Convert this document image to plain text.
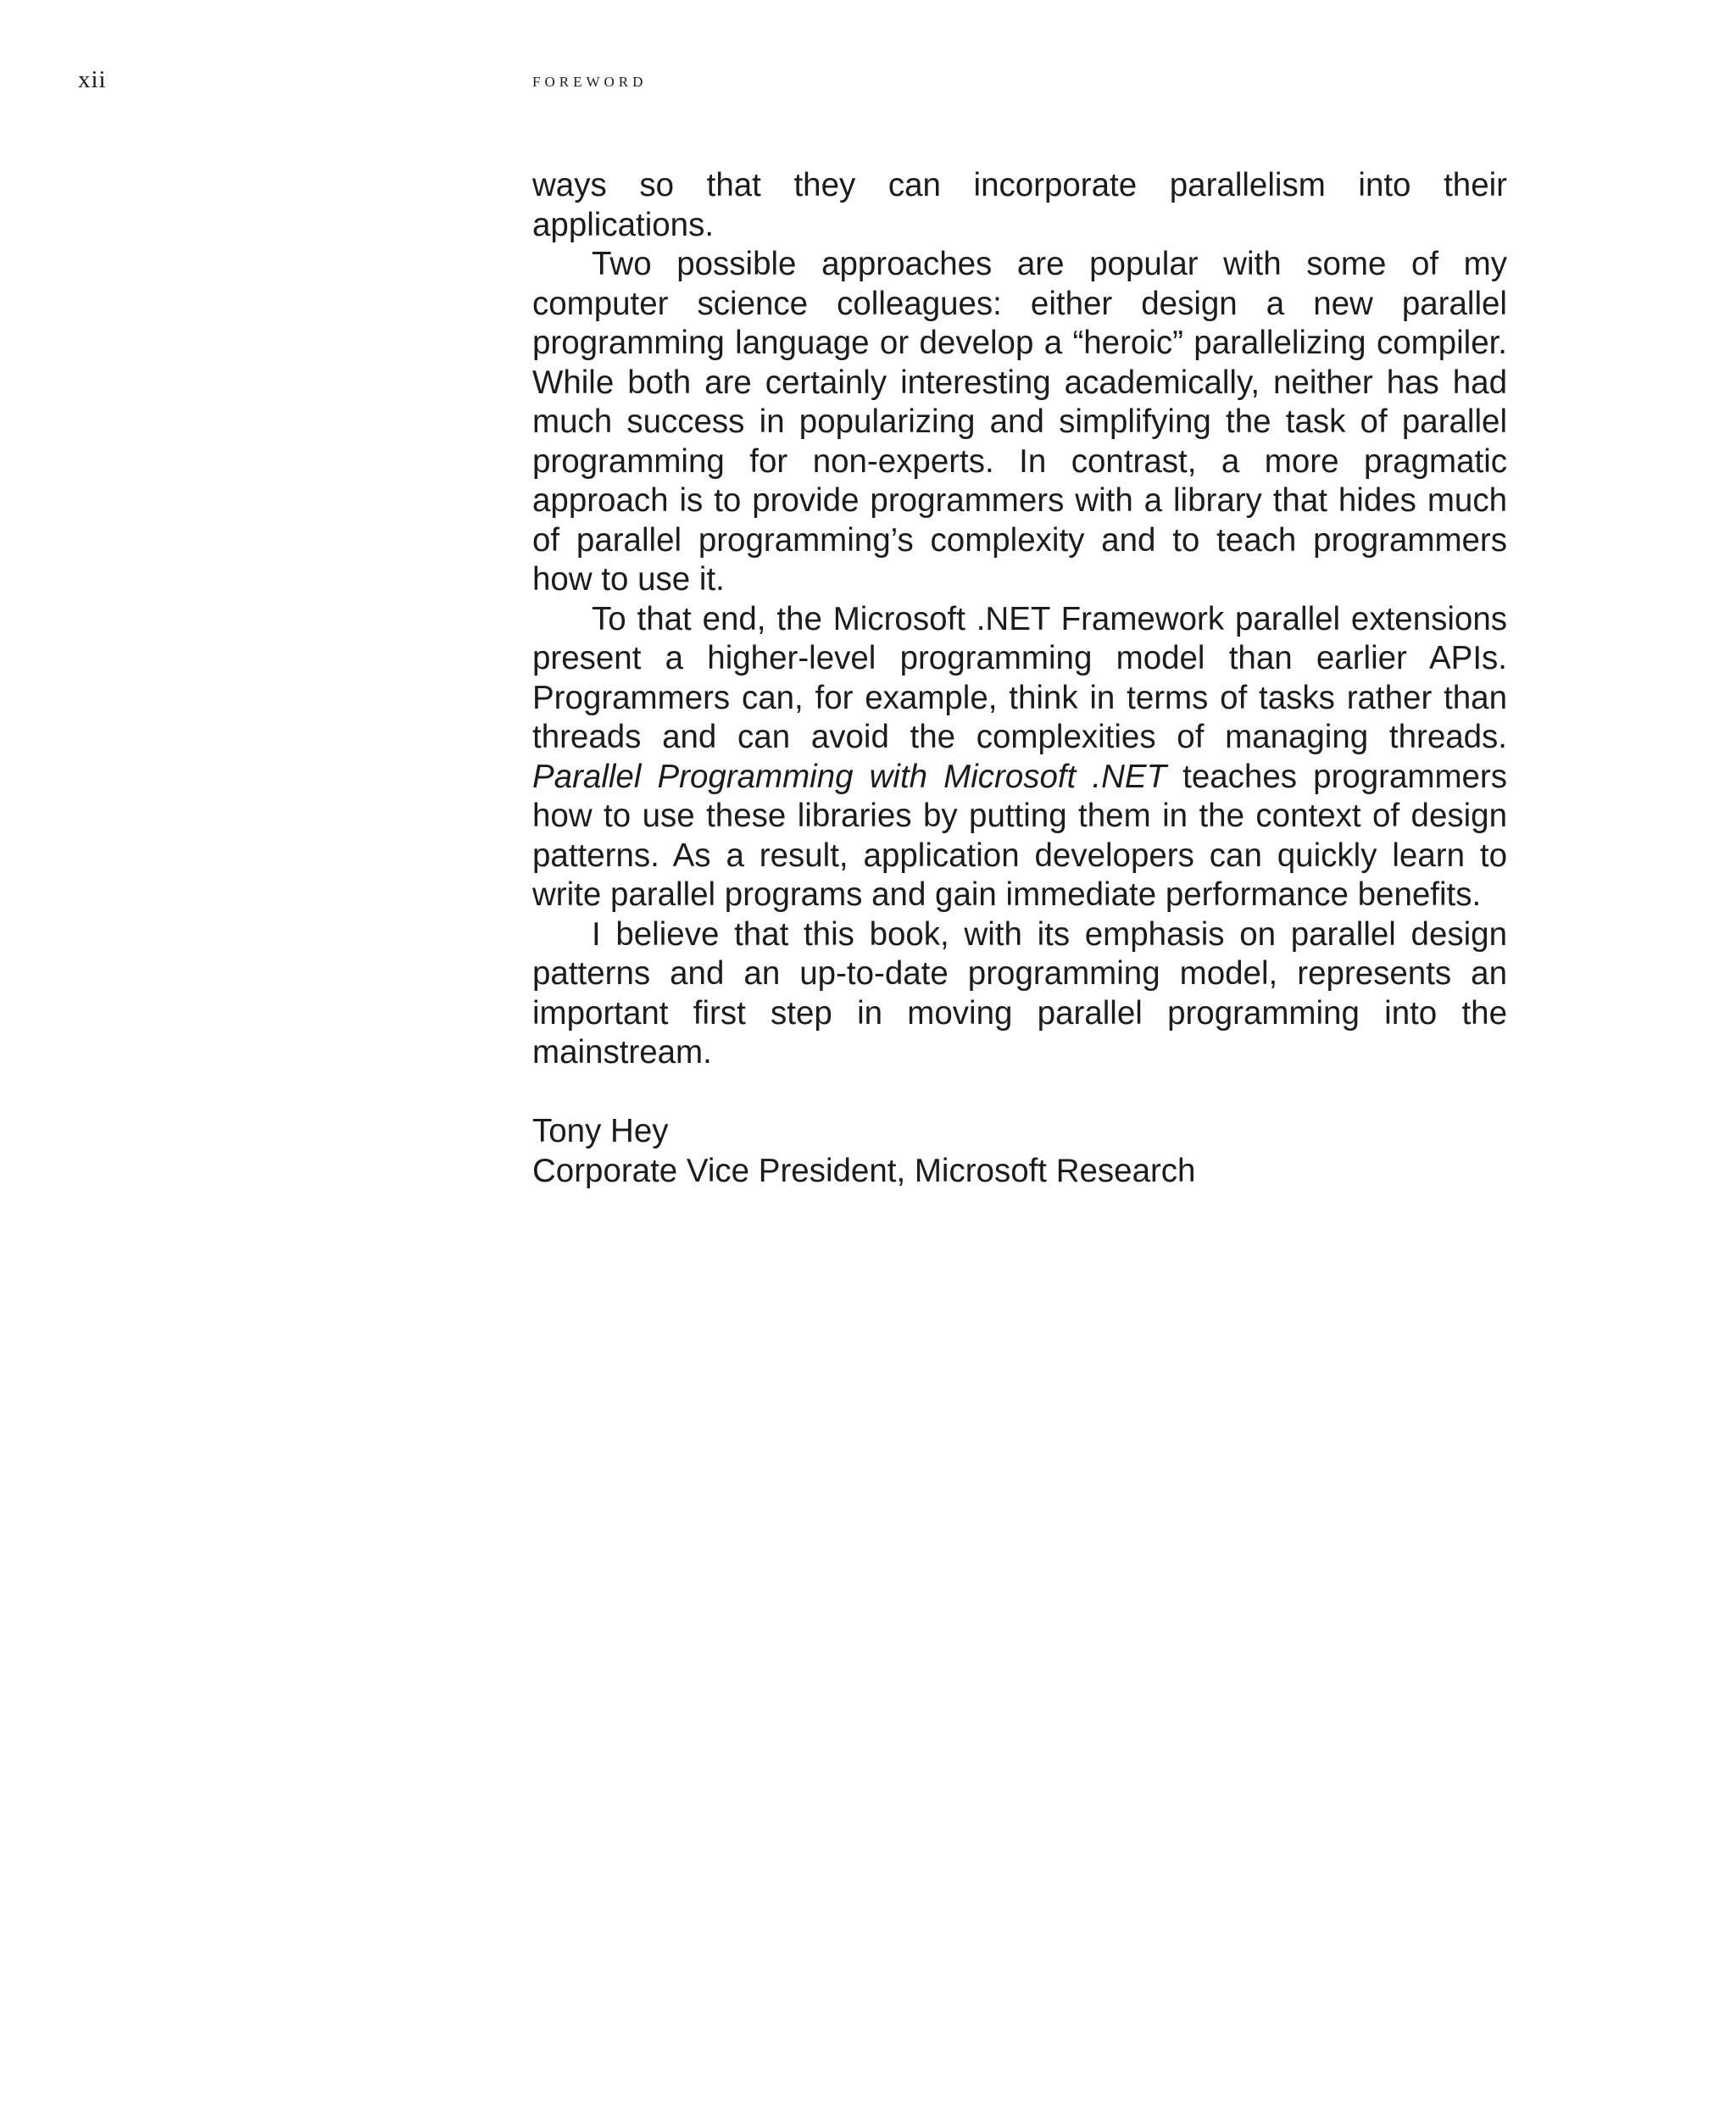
xii	foreword

ways so that they can incorporate parallelism into their applications.

Two possible approaches are popular with some of my computer science colleagues: either design a new parallel programming language or develop a “heroic” parallelizing compiler. While both are certainly interesting academically, neither has had much success in popularizing and simplifying the task of parallel programming for non-experts. In contrast, a more pragmatic approach is to provide programmers with a library that hides much of parallel programming’s complexity and to teach programmers how to use it.

To that end, the Microsoft .NET Framework parallel extensions present a higher-level programming model than earlier APIs. Programmers can, for example, think in terms of tasks rather than threads and can avoid the complexities of managing threads. Parallel Programming with Microsoft .NET teaches programmers how to use these libraries by putting them in the context of design patterns. As a result, application developers can quickly learn to write parallel programs and gain immediate performance benefits.

I believe that this book, with its emphasis on parallel design patterns and an up-to-date programming model, represents an important first step in moving parallel programming into the mainstream.

Tony Hey
Corporate Vice President, Microsoft Research
